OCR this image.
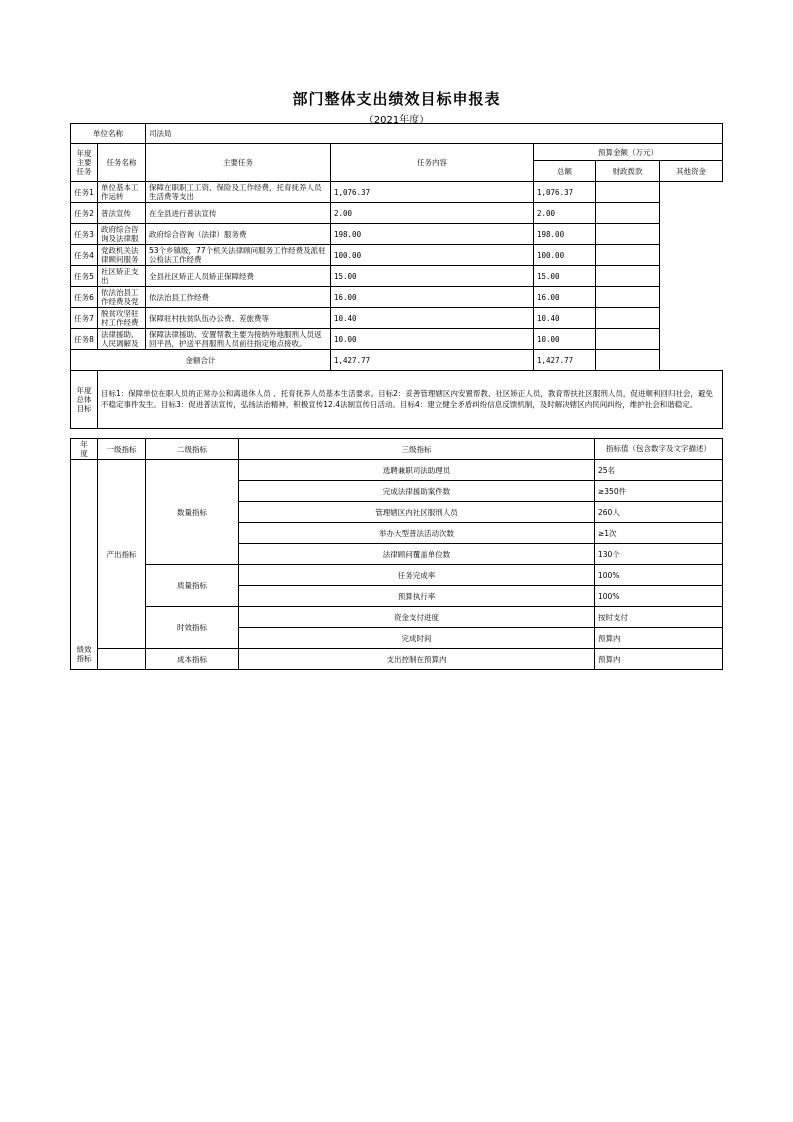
部门整体支出绩效目标申报表
（2021年度）
单位名称		司法局				
年度
主要
任务	任务名称	主要任务	任务内容	预算金额（万元）		
				总额	财政拨款	其他资金
任务1	单位基本工作运转	保障在职职工工资、保险及工作经费，托育抚养人员生活费等支出	1,076.37	1,076.37		
任务2	普法宣传	在全县进行普法宣传	2.00	2.00		
任务3	政府综合咨询及法律服	政府综合咨询（法律）服务费	198.00	198.00		
任务4	党政机关法律顾问服务	53个乡镇级，77个机关法律顾问服务工作经费及派驻公检法工作经费	100.00	100.00		
任务5	社区矫正支出	全县社区矫正人员矫正保障经费	15.00	15.00		
任务6	依法治县工作经费及党	依法治县工作经费	16.00	16.00		
任务7	脱贫攻坚驻村工作经费	保障驻村扶贫队伍办公费、差旅费等	10.40	10.40		
任务8	法律援助、人民调解及	保障法律援助、安置帮教主要为接纳外地服刑人员返回平昌，护送平昌服刑人员前往指定地点接收。	10.00	10.00		
金额合计			1,427.77	1,427.77		
年度
总体
目标	目标1：保障单位在职人员的正常办公和离退休人员 、托育抚养人员基本生活要求。目标2：妥善管理辖区内安置帮教、社区矫正人员，教育帮扶社区服刑人员，促进顺利回归社会，避免不稳定事件发生。目标3：促进普法宣传，弘扬法治精神，积极宣传12.4法制宣传日活动。目标4：建立健全矛盾纠纷信息反馈机制，及时解决辖区内民间纠纷，维护社会和谐稳定。					
年
度	一级指标	二级指标	三级指标	指标值（包含数字及文字描述）
绩效
指标	产出指标	数量指标	选聘兼职司法助理员	25名
			完成法律援助案件数	≥350件
			管理辖区内社区服刑人员	260人
			举办大型普法活动次数	≥1次
			法律顾问覆盖单位数	130个
		质量指标	任务完成率	100%
			预算执行率	100%
		时效指标	资金支付进度	按时支付
			完成时间	预算内
		成本指标	支出控制在预算内	预算内
